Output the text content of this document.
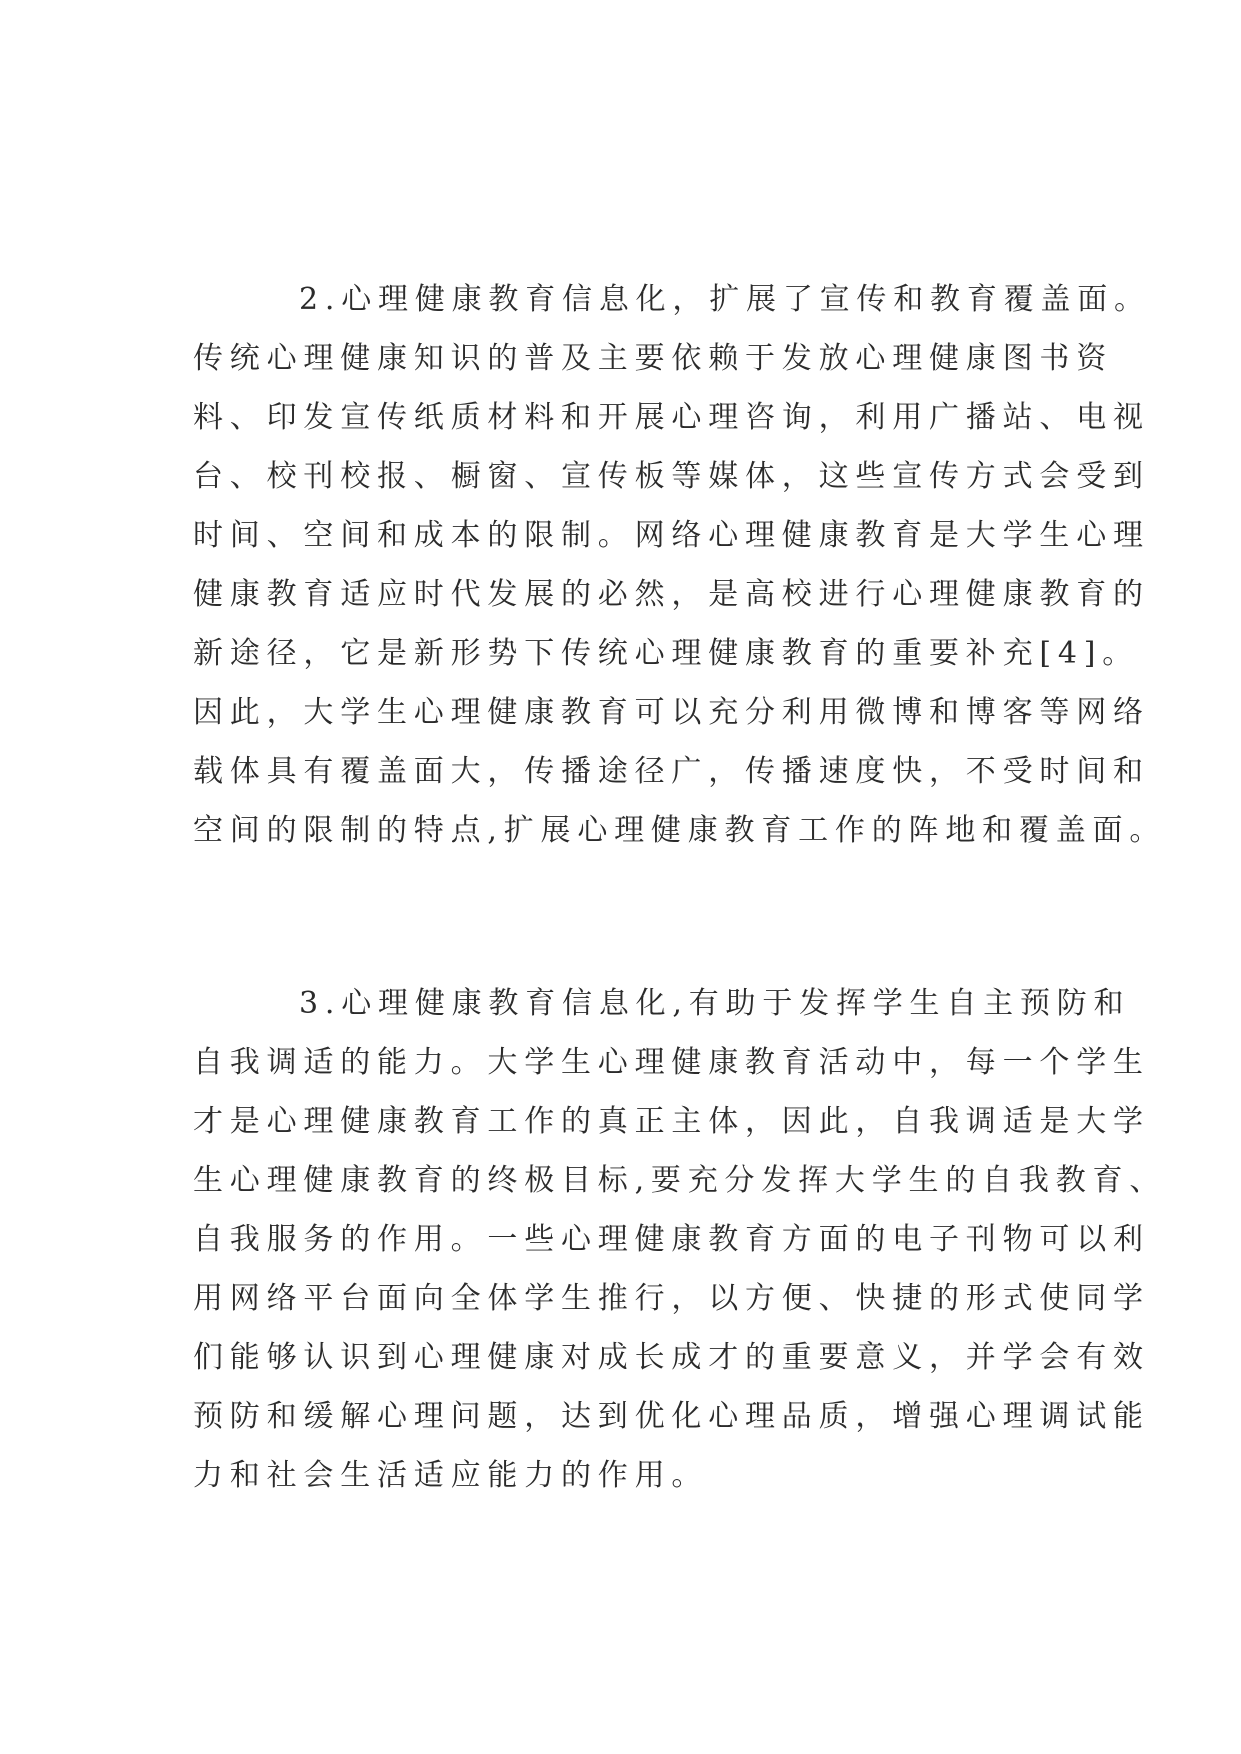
2.心理健康教育信息化，扩展了宣传和教育覆盖面。
传统心理健康知识的普及主要依赖于发放心理健康图书资
料、印发宣传纸质材料和开展心理咨询，利用广播站、电视
台、校刊校报、橱窗、宣传板等媒体，这些宣传方式会受到
时间、空间和成本的限制。网络心理健康教育是大学生心理
健康教育适应时代发展的必然，是高校进行心理健康教育的
新途径，它是新形势下传统心理健康教育的重要补充[4]。
因此，大学生心理健康教育可以充分利用微博和博客等网络
载体具有覆盖面大，传播途径广，传播速度快，不受时间和
空间的限制的特点,扩展心理健康教育工作的阵地和覆盖面。
3.心理健康教育信息化,有助于发挥学生自主预防和
自我调适的能力。大学生心理健康教育活动中，每一个学生
才是心理健康教育工作的真正主体，因此，自我调适是大学
生心理健康教育的终极目标,要充分发挥大学生的自我教育、
自我服务的作用。一些心理健康教育方面的电子刊物可以利
用网络平台面向全体学生推行，以方便、快捷的形式使同学
们能够认识到心理健康对成长成才的重要意义，并学会有效
预防和缓解心理问题，达到优化心理品质，增强心理调试能
力和社会生活适应能力的作用。
